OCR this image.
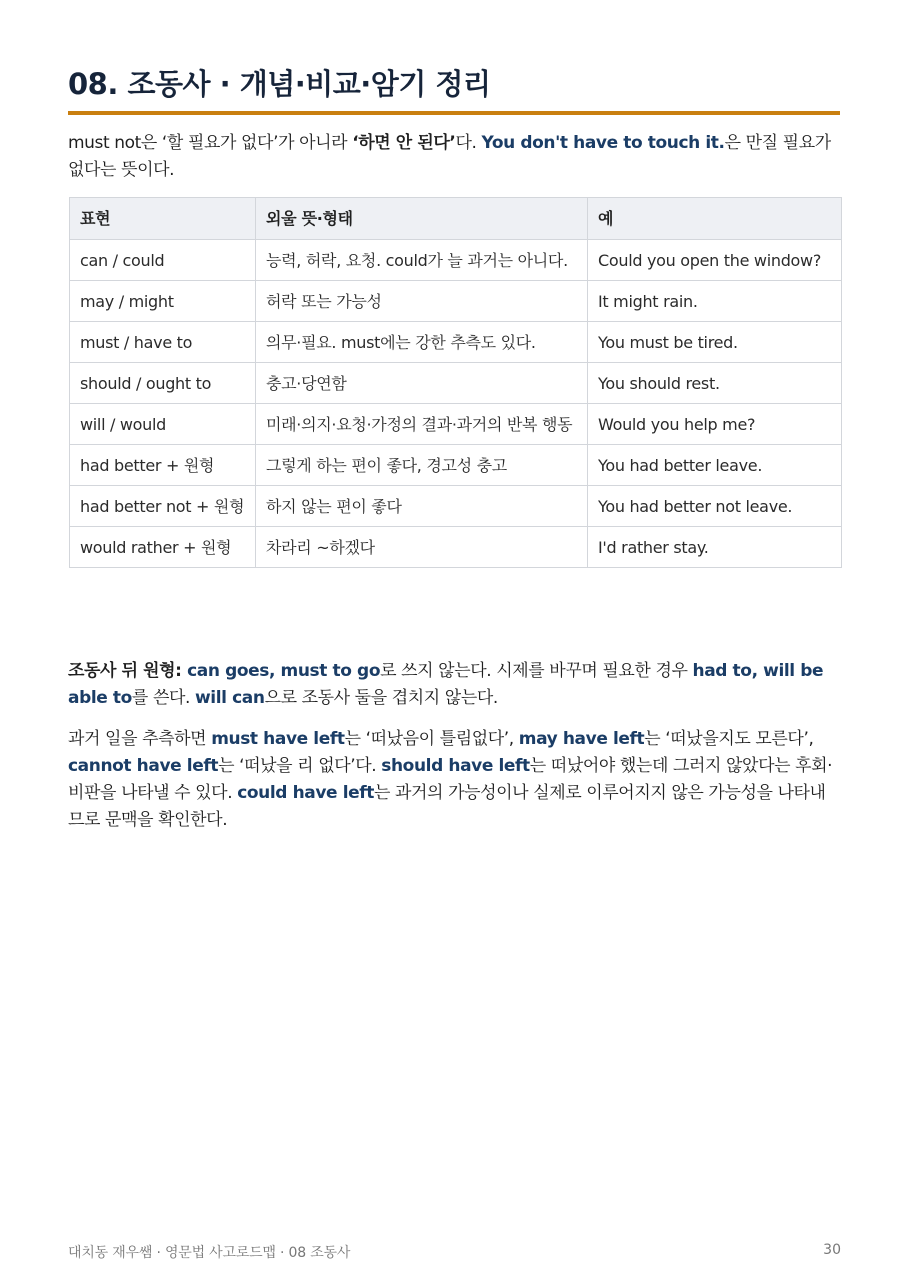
08. 조동사 · 개념·비교·암기 정리

must not은 ‘할 필요가 없다’가 아니라 ‘하면 안 된다’다. You don't have to touch it.은 만질 필요가 없다는 뜻이다.

표현	외울 뜻·형태	예
can / could	능력, 허락, 요청. could가 늘 과거는 아니다.	Could you open the window?
may / might	허락 또는 가능성	It might rain.
must / have to	의무·필요. must에는 강한 추측도 있다.	You must be tired.
should / ought to	충고·당연함	You should rest.
will / would	미래·의지·요청·가정의 결과·과거의 반복 행동	Would you help me?
had better + 원형	그렇게 하는 편이 좋다, 경고성 충고	You had better leave.
had better not + 원형	하지 않는 편이 좋다	You had better not leave.
would rather + 원형	차라리 ~하겠다	I'd rather stay.

조동사 뒤 원형: can goes, must to go로 쓰지 않는다. 시제를 바꾸며 필요한 경우 had to, will be able to를 쓴다. will can으로 조동사 둘을 겹치지 않는다.

과거 일을 추측하면 must have left는 ‘떠났음이 틀림없다’, may have left는 ‘떠났을지도 모른다’, cannot have left는 ‘떠났을 리 없다’다. should have left는 떠났어야 했는데 그러지 않았다는 후회·비판을 나타낼 수 있다. could have left는 과거의 가능성이나 실제로 이루어지지 않은 가능성을 나타내므로 문맥을 확인한다.

대치동 재우쌤 · 영문법 사고로드맵 · 08 조동사	30
